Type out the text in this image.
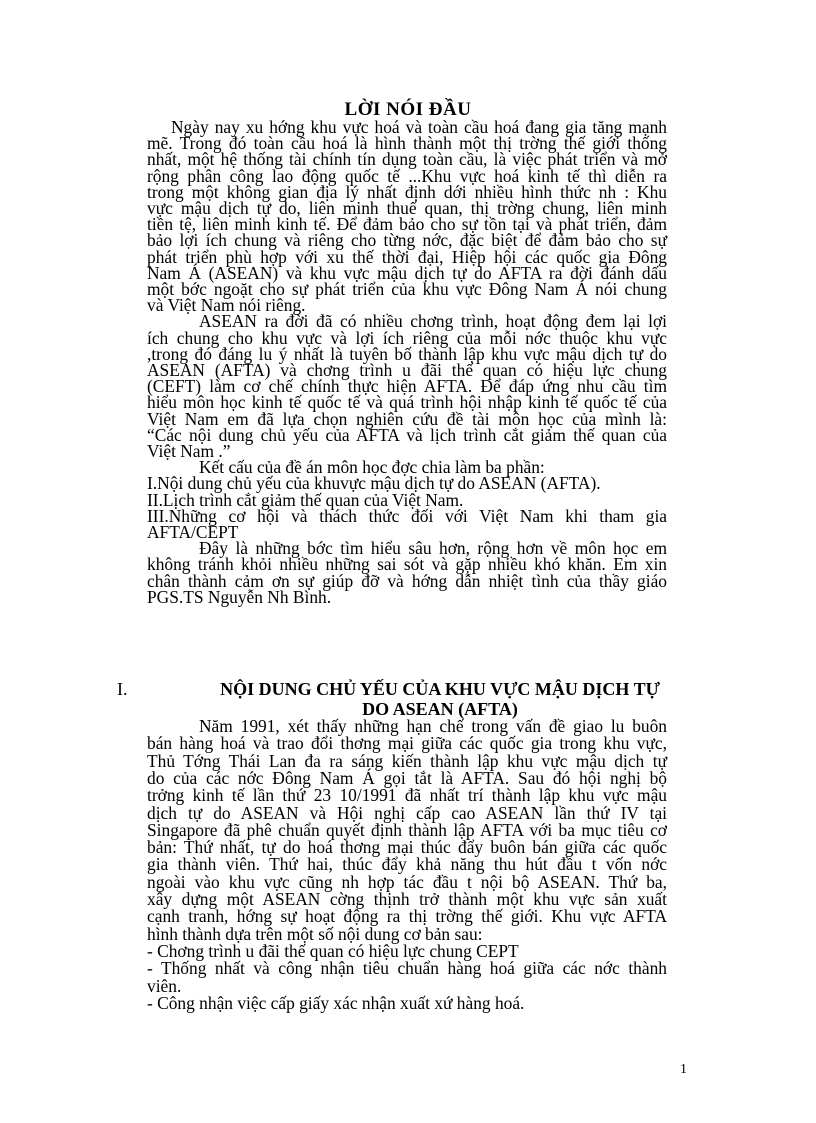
LỜI NÓI ĐẦU
Ngày nay xu hớng khu vực hoá và toàn cầu hoá đang gia tăng mạnh
mẽ. Trong đó toàn cầu hoá là hình thành một thị trờng thế giới thống
nhất, một hệ thống tài chính tín dụng toàn cầu, là việc phát triển và mở
rộng phân công lao động quốc tế ...Khu vực hoá kinh tế thì diễn ra
trong một không gian địa lý nhất định dới nhiều hình thức nh : Khu
vực mậu dịch tự do, liên minh thuế quan, thị trờng chung, liên minh
tiền tệ, liên minh kinh tế. Để đảm bảo cho sự tồn tại và phát triển, đảm
bảo lợi ích chung và riêng cho từng nớc, đặc biệt để đảm bảo cho sự
phát triển phù hợp với xu thế thời đại, Hiệp hội các quốc gia Đông
Nam Á (ASEAN) và khu vực mậu dịch tự do AFTA ra đời đánh dấu
một bớc ngoặt cho sự phát triển của khu vực Đông Nam Á nói chung
và Việt Nam nói riêng.
ASEAN ra đời đã có nhiều chơng trình, hoạt động đem lại lợi
ích chung cho khu vực và lợi ích riêng của mỗi nớc thuộc khu vực
,trong đó đáng lu ý nhất là tuyên bố thành lập khu vực mậu dịch tự do
ASEAN (AFTA) và chơng trình u đãi thế quan có hiệu lực chung
(CEFT) làm cơ chế chính thực hiện AFTA. Để đáp ứng nhu cầu tìm
hiểu môn học kinh tế quốc tế và quá trình hội nhập kinh tế quốc tế của
Việt Nam em đã lựa chọn nghiên cứu đề tài môn học của mình là:
“Các nội dung chủ yếu của AFTA và lịch trình cắt giảm thế quan của
Việt Nam .”
Kết cấu của đề án môn học đợc chia làm ba phần:
I.Nội dung chủ yếu của khuvực mậu dịch tự do ASEAN (AFTA).
II.Lịch trình cắt giảm thế quan của Việt Nam.
III.Những cơ hội và thách thức đối với Việt Nam khi tham gia
AFTA/CEPT
Đây là những bớc tìm hiểu sâu hơn, rộng hơn về môn học em
không tránh khỏi nhiều những sai sót và gặp nhiều khó khăn. Em xin
chân thành cảm ơn sự giúp đỡ và hớng dẫn nhiệt tình của thầy giáo
PGS.TS Nguyễn Nh Bình.
I.	NỘI DUNG CHỦ YẾU CỦA KHU VỰC MẬU DỊCH TỰ
DO ASEAN (AFTA)
Năm 1991, xét thấy những hạn chế trong vấn đề giao lu buôn
bán hàng hoá và trao đổi thơng mại giữa các quốc gia trong khu vực,
Thủ Tớng Thái Lan đa ra sáng kiến thành lập khu vực mậu dịch tự
do của các nớc Đông Nam Á gọi tắt là AFTA. Sau đó hội nghị bộ
trởng kinh tế lần thứ 23 10/1991 đã nhất trí thành lập khu vực mậu
dịch tự do ASEAN và Hội nghị cấp cao ASEAN lần thứ IV tại
Singapore đã phê chuẩn quyết định thành lập AFTA với ba mục tiêu cơ
bản: Thứ nhất, tự do hoá thơng mại thúc đẩy buôn bán giữa các quốc
gia thành viên. Thứ hai, thúc đẩy khả năng thu hút đầu t vốn nớc
ngoài vào khu vực cũng nh hợp tác đầu t nội bộ ASEAN. Thứ ba,
xây dựng một ASEAN cờng thịnh trở thành một khu vực sản xuất
cạnh tranh, hớng sự hoạt động ra thị trờng thế giới. Khu vực AFTA
hình thành dựa trên một số nội dung cơ bản sau:
- Chơng trình u đãi thế quan có hiệu lực chung CEPT
- Thống nhất và công nhận tiêu chuẩn hàng hoá giữa các nớc thành
viên.
- Công nhận việc cấp giấy xác nhận xuất xứ hàng hoá.
1
